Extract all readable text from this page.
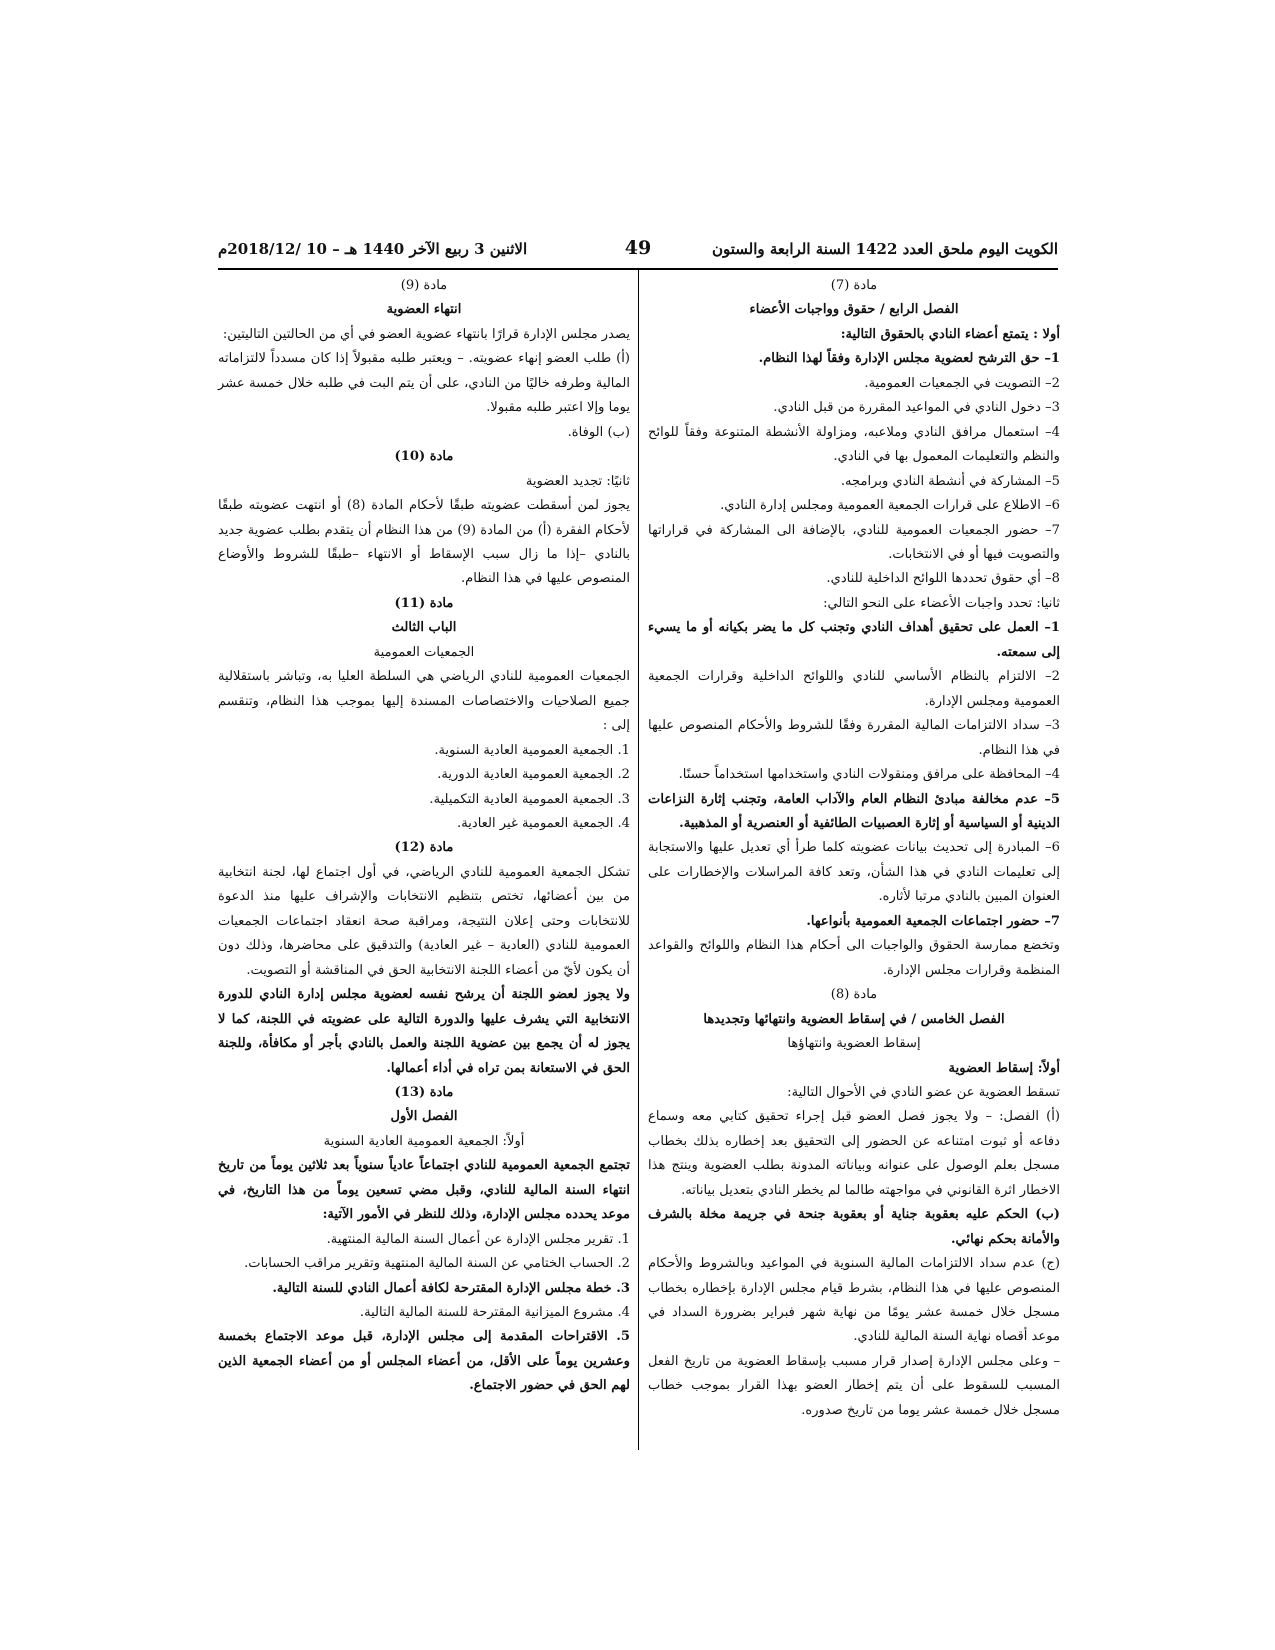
الكويت اليوم ملحق العدد 1422 السنة الرابعة والستون
49
الاثنين 3 ربيع الآخر 1440 هـ – 10 /2018/12م

مادة (7)

الفصل الرابع / حقوق وواجبات الأعضاء

أولا : يتمتع أعضاء النادي بالحقوق التالية:

1– حق الترشح لعضوية مجلس الإدارة وفقاً لهذا النظام.

2– التصويت في الجمعيات العمومية.

3– دخول النادي في المواعيد المقررة من قبل النادي.

4– استعمال مرافق النادي وملاعبه، ومزاولة الأنشطة المتنوعة وفقاً للوائح والنظم والتعليمات المعمول بها في النادي.

5– المشاركة في أنشطة النادي وبرامجه.

6– الاطلاع على قرارات الجمعية العمومية ومجلس إدارة النادي.

7– حضور الجمعيات العمومية للنادي، بالإضافة الى المشاركة في قراراتها والتصويت فيها أو في الانتخابات.

8– أي حقوق تحددها اللوائح الداخلية للنادي.

ثانيا: تحدد واجبات الأعضاء على النحو التالي:

1– العمل على تحقيق أهداف النادي وتجنب كل ما يضر بكيانه أو ما يسيء إلى سمعته.

2– الالتزام بالنظام الأساسي للنادي واللوائح الداخلية وقرارات الجمعية العمومية ومجلس الإدارة.

3– سداد الالتزامات المالية المقررة وفقًا للشروط والأحكام المنصوص عليها في هذا النظام.

4– المحافظة على مرافق ومنقولات النادي واستخدامها استخداماً حسنًا.

5– عدم مخالفة مبادئ النظام العام والآداب العامة، وتجنب إثارة النزاعات الدينية أو السياسية أو إثارة العصبيات الطائفية أو العنصرية أو المذهبية.

6– المبادرة إلى تحديث بيانات عضويته كلما طرأ أي تعديل عليها والاستجابة إلى تعليمات النادي في هذا الشأن، وتعد كافة المراسلات والإخطارات على العنوان المبين بالنادي مرتبا لأثاره.

7– حضور اجتماعات الجمعية العمومية بأنواعها.

وتخضع ممارسة الحقوق والواجبات الى أحكام هذا النظام واللوائح والقواعد المنظمة وقرارات مجلس الإدارة.

مادة (8)

الفصل الخامس / في إسقاط العضوية وانتهائها وتجديدها

إسقاط العضوية وانتهاؤها

أولاً: إسقاط العضوية

تسقط العضوية عن عضو النادي في الأحوال التالية:

(أ) الفصل: – ولا يجوز فصل العضو قبل إجراء تحقيق كتابي معه وسماع دفاعه أو ثبوت امتناعه عن الحضور إلى التحقيق بعد إخطاره بذلك بخطاب مسجل بعلم الوصول على عنوانه وبياناته المدونة بطلب العضوية وينتج هذا الاخطار اثرة القانوني في مواجهته طالما لم يخطر النادي بتعديل بياناته.

(ب) الحكم عليه بعقوبة جناية أو بعقوبة جنحة في جريمة مخلة بالشرف والأمانة بحكم نهائي.

(ج) عدم سداد الالتزامات المالية السنوية في المواعيد وبالشروط والأحكام المنصوص عليها في هذا النظام، بشرط قيام مجلس الإدارة بإخطاره بخطاب مسجل خلال خمسة عشر يومًا من نهاية شهر فبراير بضرورة السداد في موعد أقصاه نهاية السنة المالية للنادي.

– وعلى مجلس الإدارة إصدار قرار مسبب بإسقاط العضوية من تاريخ الفعل المسبب للسقوط على أن يتم إخطار العضو بهذا القرار بموجب خطاب مسجل خلال خمسة عشر يوما من تاريخ صدوره.

مادة (9)

انتهاء العضوية

يصدر مجلس الإدارة قرارًا بانتهاء عضوية العضو في أي من الحالتين التاليتين:

(أ) طلب العضو إنهاء عضويته. – ويعتبر طلبه مقبولاً إذا كان مسدداً لالتزاماته المالية وطرفه خاليًا من النادي، على أن يتم البت في طلبه خلال خمسة عشر يوما وإلا اعتبر طلبه مقبولا.

(ب) الوفاة.

مادة (10)

ثانيًا: تجديد العضوية

يجوز لمن أسقطت عضويته طبقًا لأحكام المادة (8) أو انتهت عضويته طبقًا لأحكام الفقرة (أ) من المادة (9) من هذا النظام أن يتقدم بطلب عضوية جديد بالنادي –إذا ما زال سبب الإسقاط أو الانتهاء –طبقًا للشروط والأوضاع المنصوص عليها في هذا النظام.

مادة (11)

الباب الثالث

الجمعيات العمومية

الجمعيات العمومية للنادي الرياضي هي السلطة العليا به، وتباشر باستقلالية جميع الصلاحيات والاختصاصات المسندة إليها بموجب هذا النظام، وتنقسم إلى :

1. الجمعية العمومية العادية السنوية.

2. الجمعية العمومية العادية الدورية.

3. الجمعية العمومية العادية التكميلية.

4. الجمعية العمومية غير العادية.

مادة (12)

تشكل الجمعية العمومية للنادي الرياضي، في أول اجتماع لها، لجنة انتخابية من بين أعضائها، تختص بتنظيم الانتخابات والإشراف عليها منذ الدعوة للانتخابات وحتى إعلان النتيجة، ومراقبة صحة انعقاد اجتماعات الجمعيات العمومية للنادي (العادية – غير العادية) والتدقيق على محاضرها، وذلك دون أن يكون لأيّ من أعضاء اللجنة الانتخابية الحق في المناقشة أو التصويت.

ولا يجوز لعضو اللجنة أن يرشح نفسه لعضوية مجلس إدارة النادي للدورة الانتخابية التي يشرف عليها والدورة التالية على عضويته في اللجنة، كما لا يجوز له أن يجمع بين عضوية اللجنة والعمل بالنادي بأجر أو مكافأة، وللجنة الحق في الاستعانة بمن تراه في أداء أعمالها.

مادة (13)

الفصل الأول

أولاً: الجمعية العمومية العادية السنوية

تجتمع الجمعية العمومية للنادي اجتماعاً عادياً سنوياً بعد ثلاثين يوماً من تاريخ انتهاء السنة المالية للنادي، وقبل مضي تسعين يوماً من هذا التاريخ، في موعد يحدده مجلس الإدارة، وذلك للنظر في الأمور الآتية:

1. تقرير مجلس الإدارة عن أعمال السنة المالية المنتهية.

2. الحساب الختامي عن السنة المالية المنتهية وتقرير مراقب الحسابات.

3. خطة مجلس الإدارة المقترحة لكافة أعمال النادي للسنة التالية.

4. مشروع الميزانية المقترحة للسنة المالية التالية.

5. الاقتراحات المقدمة إلى مجلس الإدارة، قبل موعد الاجتماع بخمسة وعشرين يوماً على الأقل، من أعضاء المجلس أو من أعضاء الجمعية الذين لهم الحق في حضور الاجتماع.
